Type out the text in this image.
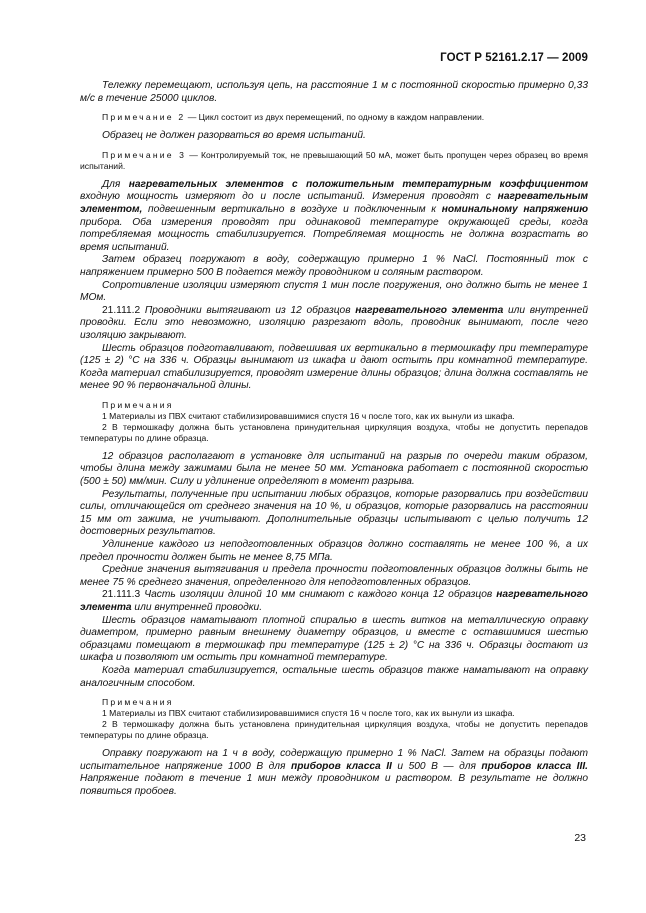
ГОСТ Р 52161.2.17 — 2009

Тележку перемещают, используя цепь, на расстояние 1 м с постоянной скоростью примерно 0,33 м/с в течение 25000 циклов.

Примечание 2 — Цикл состоит из двух перемещений, по одному в каждом направлении.

Образец не должен разорваться во время испытаний.

Примечание 3 — Контролируемый ток, не превышающий 50 мА, может быть пропущен через образец во время испытаний.

Для нагревательных элементов с положительным температурным коэффициентом входную мощность измеряют до и после испытаний. Измерения проводят с нагревательным элементом, подвешенным вертикально в воздухе и подключенным к номинальному напряжению прибора. Оба измерения проводят при одинаковой температуре окружающей среды, когда потребляемая мощность стабилизируется. Потребляемая мощность не должна возрастать во время испытаний.

Затем образец погружают в воду, содержащую примерно 1 % NaCl. Постоянный ток с напряжением примерно 500 В подается между проводником и соляным раствором.

Сопротивление изоляции измеряют спустя 1 мин после погружения, оно должно быть не менее 1 МОм.

21.111.2 Проводники вытягивают из 12 образцов нагревательного элемента или внутренней проводки. Если это невозможно, изоляцию разрезают вдоль, проводник вынимают, после чего изоляцию закрывают.

Шесть образцов подготавливают, подвешивая их вертикально в термошкафу при температуре (125 ± 2) °С на 336 ч. Образцы вынимают из шкафа и дают остыть при комнатной температуре. Когда материал стабилизируется, проводят измерение длины образцов; длина должна составлять не менее 90 % первоначальной длины.

Примечания

1 Материалы из ПВХ считают стабилизировавшимися спустя 16 ч после того, как их вынули из шкафа.

2 В термошкафу должна быть установлена принудительная циркуляция воздуха, чтобы не допустить перепадов температуры по длине образца.

12 образцов располагают в установке для испытаний на разрыв по очереди таким образом, чтобы длина между зажимами была не менее 50 мм. Установка работает с постоянной скоростью (500 ± 50) мм/мин. Силу и удлинение определяют в момент разрыва.

Результаты, полученные при испытании любых образцов, которые разорвались при воздействии силы, отличающейся от среднего значения на 10 %, и образцов, которые разорвались на расстоянии 15 мм от зажима, не учитывают. Дополнительные образцы испытывают с целью получить 12 достоверных результатов.

Удлинение каждого из неподготовленных образцов должно составлять не менее 100 %, а их предел прочности должен быть не менее 8,75 МПа.

Средние значения вытягивания и предела прочности подготовленных образцов должны быть не менее 75 % среднего значения, определенного для неподготовленных образцов.

21.111.3 Часть изоляции длиной 10 мм снимают с каждого конца 12 образцов нагревательного элемента или внутренней проводки.

Шесть образцов наматывают плотной спиралью в шесть витков на металлическую оправку диаметром, примерно равным внешнему диаметру образцов, и вместе с оставшимися шестью образцами помещают в термошкаф при температуре (125 ± 2) °С на 336 ч. Образцы достают из шкафа и позволяют им остыть при комнатной температуре.

Когда материал стабилизируется, остальные шесть образцов также наматывают на оправку аналогичным способом.

Примечания

1 Материалы из ПВХ считают стабилизировавшимися спустя 16 ч после того, как их вынули из шкафа.

2 В термошкафу должна быть установлена принудительная циркуляция воздуха, чтобы не допустить перепадов температуры по длине образца.

Оправку погружают на 1 ч в воду, содержащую примерно 1 % NaCl. Затем на образцы подают испытательное напряжение 1000 В для приборов класса II и 500 В — для приборов класса III. Напряжение подают в течение 1 мин между проводником и раствором. В результате не должно появиться пробоев.

23
